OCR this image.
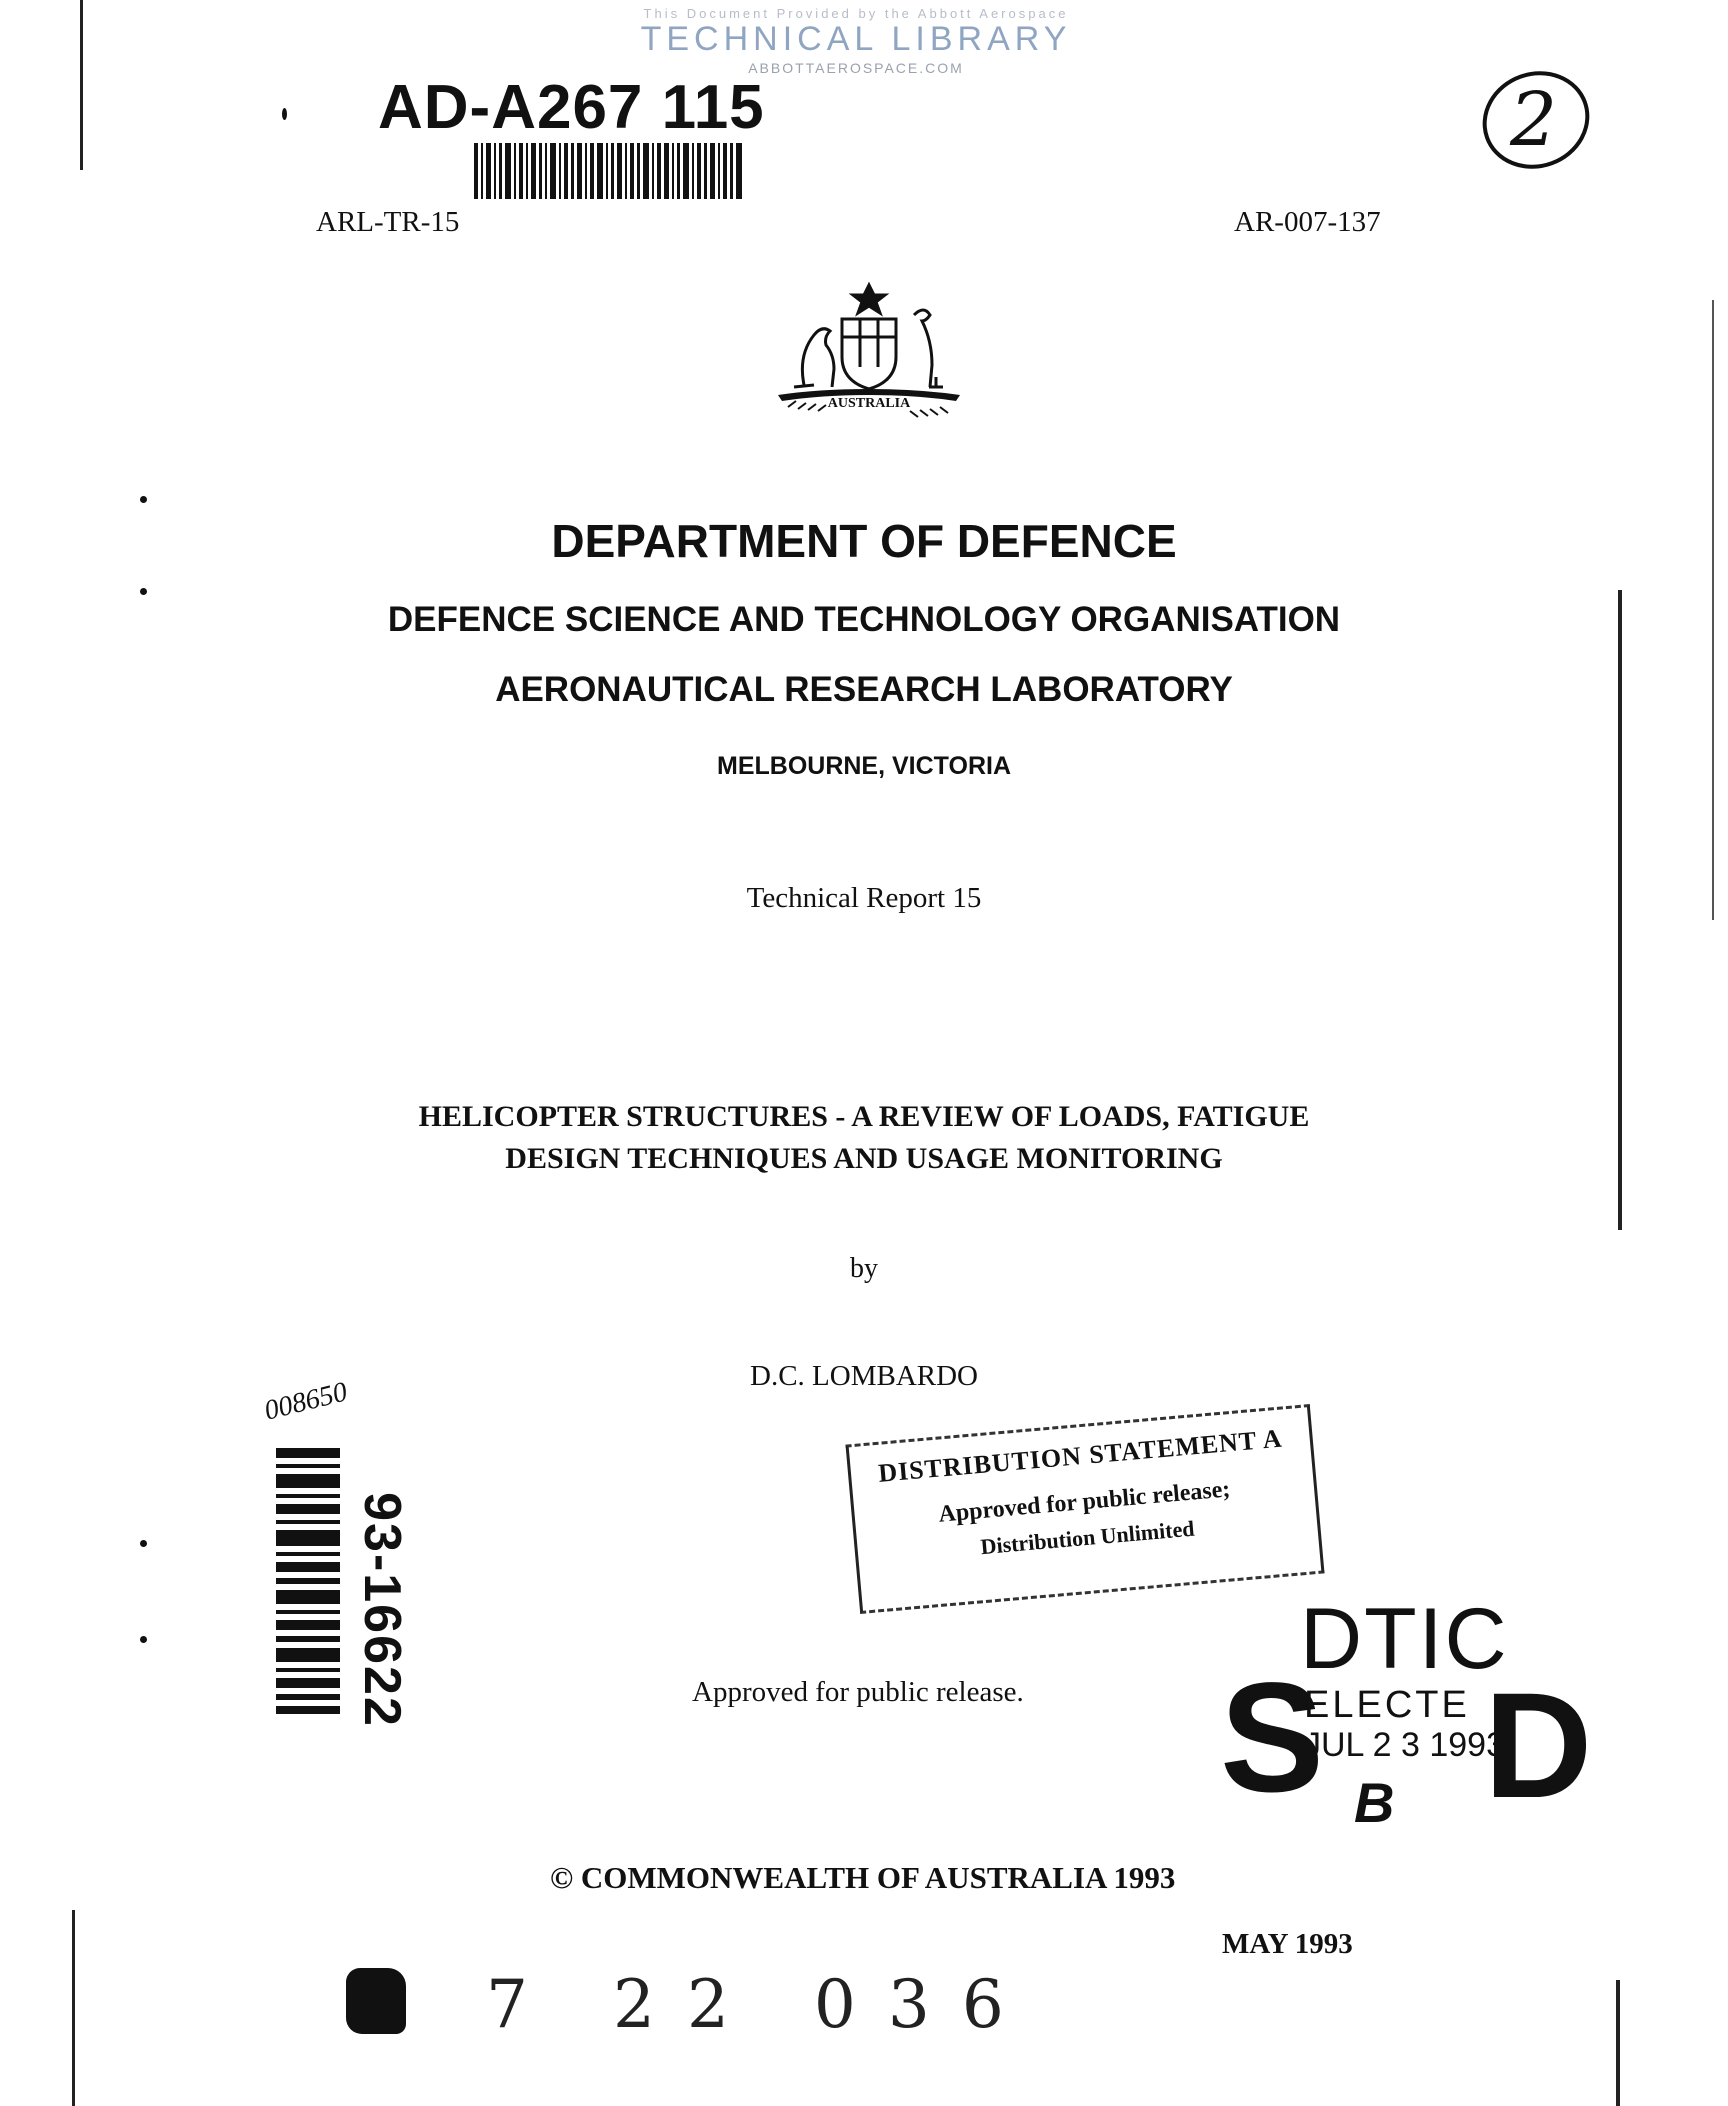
This Document Provided by the Abbott Aerospace
TECHNICAL LIBRARY
ABBOTTAEROSPACE.COM
AD-A267 115	2
ARL-TR-15	AR-007-137
AUSTRALIA
DEPARTMENT OF DEFENCE
DEFENCE SCIENCE AND TECHNOLOGY ORGANISATION
AERONAUTICAL RESEARCH LABORATORY
MELBOURNE, VICTORIA
Technical Report 15
HELICOPTER STRUCTURES - A REVIEW OF LOADS, FATIGUE
DESIGN TECHNIQUES AND USAGE MONITORING
by
D.C. LOMBARDO
008650
93-16622
DISTRIBUTION STATEMENT A
Approved for public release;
Distribution Unlimited
Approved for public release.
DTIC
S
ELECTE
JUL 2 3 1993
D
B
© COMMONWEALTH OF AUSTRALIA 1993
MAY 1993
7 22 036
